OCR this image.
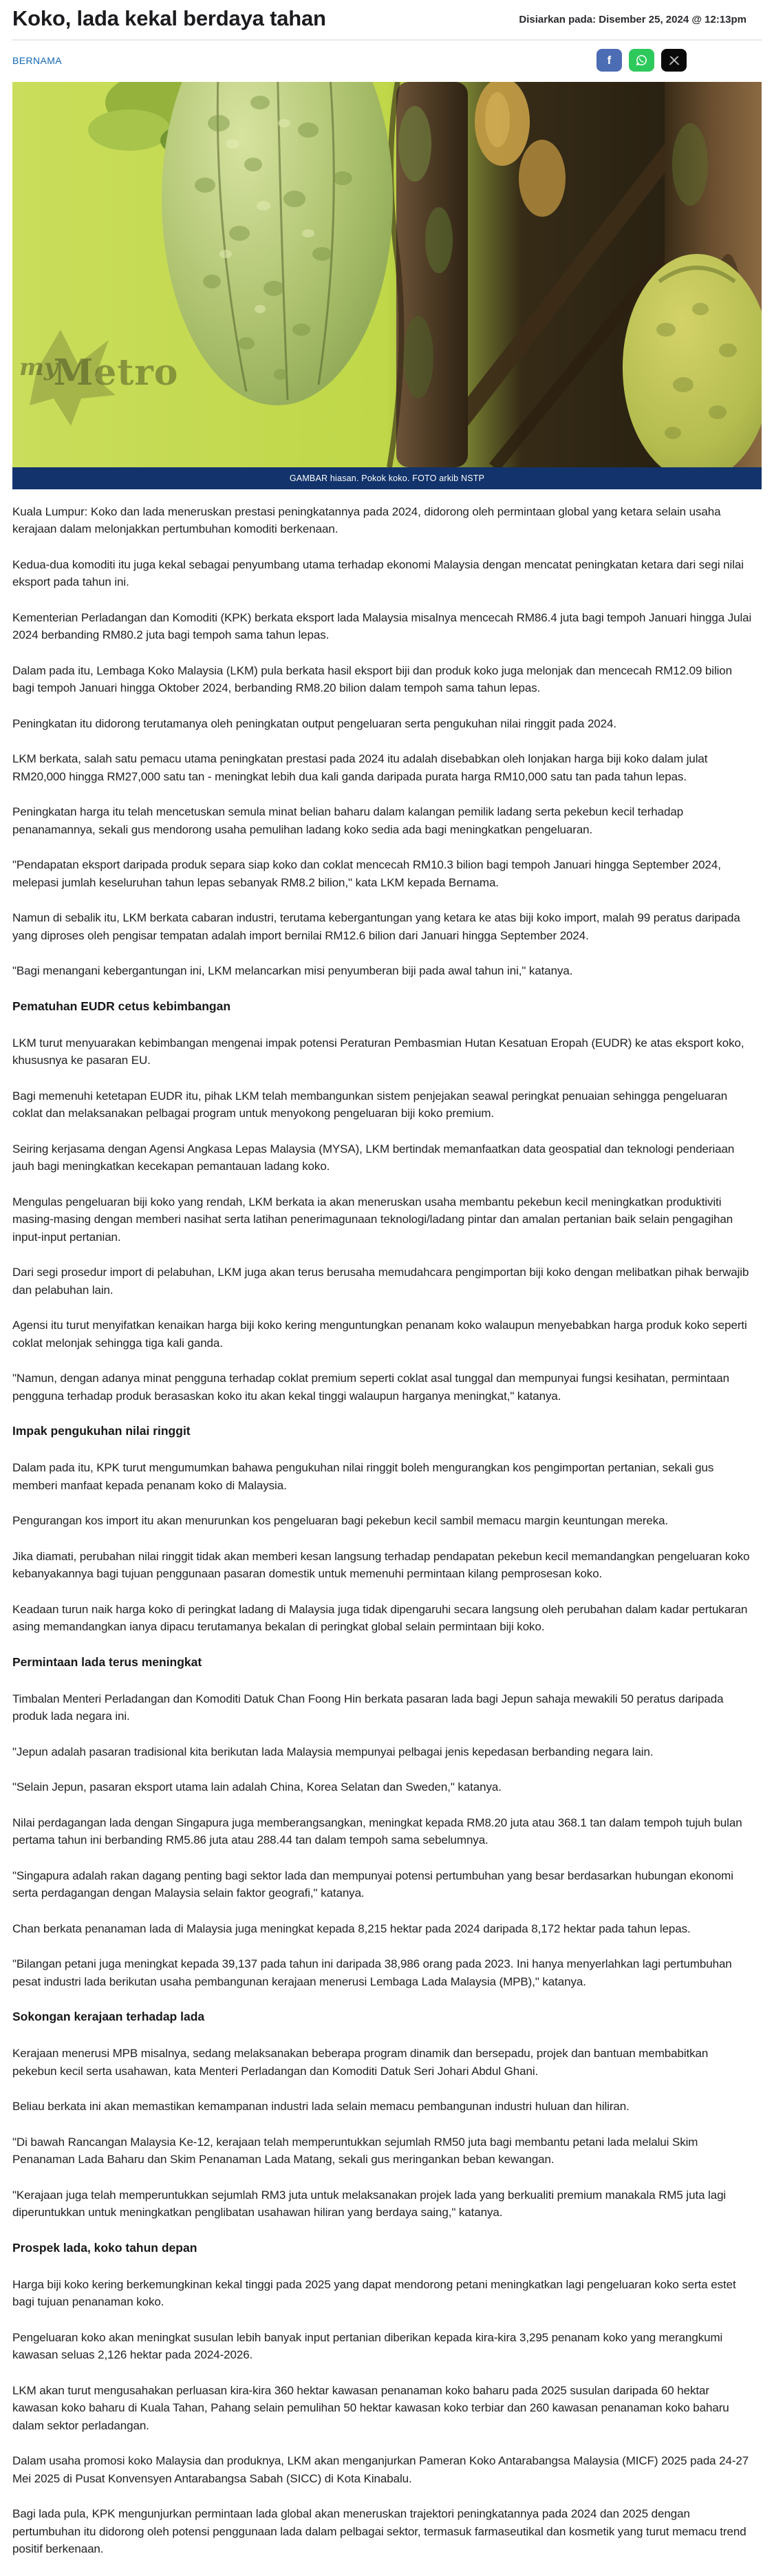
Koko, lada kekal berdaya tahan	Disiarkan pada: Disember 25, 2024 @ 12:13pm
BERNAMA	f
myMetro
GAMBAR hiasan. Pokok koko. FOTO arkib NSTP

Kuala Lumpur: Koko dan lada meneruskan prestasi peningkatannya pada 2024, didorong oleh permintaan global yang ketara selain usaha kerajaan dalam melonjakkan pertumbuhan komoditi berkenaan.

Kedua-dua komoditi itu juga kekal sebagai penyumbang utama terhadap ekonomi Malaysia dengan mencatat peningkatan ketara dari segi nilai eksport pada tahun ini.

Kementerian Perladangan dan Komoditi (KPK) berkata eksport lada Malaysia misalnya mencecah RM86.4 juta bagi tempoh Januari hingga Julai 2024 berbanding RM80.2 juta bagi tempoh sama tahun lepas.

Dalam pada itu, Lembaga Koko Malaysia (LKM) pula berkata hasil eksport biji dan produk koko juga melonjak dan mencecah RM12.09 bilion bagi tempoh Januari hingga Oktober 2024, berbanding RM8.20 bilion dalam tempoh sama tahun lepas.

Peningkatan itu didorong terutamanya oleh peningkatan output pengeluaran serta pengukuhan nilai ringgit pada 2024.

LKM berkata, salah satu pemacu utama peningkatan prestasi pada 2024 itu adalah disebabkan oleh lonjakan harga biji koko dalam julat RM20,000 hingga RM27,000 satu tan - meningkat lebih dua kali ganda daripada purata harga RM10,000 satu tan pada tahun lepas.

Peningkatan harga itu telah mencetuskan semula minat belian baharu dalam kalangan pemilik ladang serta pekebun kecil terhadap penanamannya, sekali gus mendorong usaha pemulihan ladang koko sedia ada bagi meningkatkan pengeluaran.

"Pendapatan eksport daripada produk separa siap koko dan coklat mencecah RM10.3 bilion bagi tempoh Januari hingga September 2024, melepasi jumlah keseluruhan tahun lepas sebanyak RM8.2 bilion," kata LKM kepada Bernama.

Namun di sebalik itu, LKM berkata cabaran industri, terutama kebergantungan yang ketara ke atas biji koko import, malah 99 peratus daripada yang diproses oleh pengisar tempatan adalah import bernilai RM12.6 bilion dari Januari hingga September 2024.

"Bagi menangani kebergantungan ini, LKM melancarkan misi penyumberan biji pada awal tahun ini," katanya.

Pematuhan EUDR cetus kebimbangan

LKM turut menyuarakan kebimbangan mengenai impak potensi Peraturan Pembasmian Hutan Kesatuan Eropah (EUDR) ke atas eksport koko, khususnya ke pasaran EU.

Bagi memenuhi ketetapan EUDR itu, pihak LKM telah membangunkan sistem penjejakan seawal peringkat penuaian sehingga pengeluaran coklat dan melaksanakan pelbagai program untuk menyokong pengeluaran biji koko premium.

Seiring kerjasama dengan Agensi Angkasa Lepas Malaysia (MYSA), LKM bertindak memanfaatkan data geospatial dan teknologi penderiaan jauh bagi meningkatkan kecekapan pemantauan ladang koko.

Mengulas pengeluaran biji koko yang rendah, LKM berkata ia akan meneruskan usaha membantu pekebun kecil meningkatkan produktiviti masing-masing dengan memberi nasihat serta latihan penerimagunaan teknologi/ladang pintar dan amalan pertanian baik selain pengagihan input-input pertanian.

Dari segi prosedur import di pelabuhan, LKM juga akan terus berusaha memudahcara pengimportan biji koko dengan melibatkan pihak berwajib dan pelabuhan lain.

Agensi itu turut menyifatkan kenaikan harga biji koko kering menguntungkan penanam koko walaupun menyebabkan harga produk koko seperti coklat melonjak sehingga tiga kali ganda.

"Namun, dengan adanya minat pengguna terhadap coklat premium seperti coklat asal tunggal dan mempunyai fungsi kesihatan, permintaan pengguna terhadap produk berasaskan koko itu akan kekal tinggi walaupun harganya meningkat," katanya.

Impak pengukuhan nilai ringgit

Dalam pada itu, KPK turut mengumumkan bahawa pengukuhan nilai ringgit boleh mengurangkan kos pengimportan pertanian, sekali gus memberi manfaat kepada penanam koko di Malaysia.

Pengurangan kos import itu akan menurunkan kos pengeluaran bagi pekebun kecil sambil memacu margin keuntungan mereka.

Jika diamati, perubahan nilai ringgit tidak akan memberi kesan langsung terhadap pendapatan pekebun kecil memandangkan pengeluaran koko kebanyakannya bagi tujuan penggunaan pasaran domestik untuk memenuhi permintaan kilang pemprosesan koko.

Keadaan turun naik harga koko di peringkat ladang di Malaysia juga tidak dipengaruhi secara langsung oleh perubahan dalam kadar pertukaran asing memandangkan ianya dipacu terutamanya bekalan di peringkat global selain permintaan biji koko.

Permintaan lada terus meningkat

Timbalan Menteri Perladangan dan Komoditi Datuk Chan Foong Hin berkata pasaran lada bagi Jepun sahaja mewakili 50 peratus daripada produk lada negara ini.

"Jepun adalah pasaran tradisional kita berikutan lada Malaysia mempunyai pelbagai jenis kepedasan berbanding negara lain.

"Selain Jepun, pasaran eksport utama lain adalah China, Korea Selatan dan Sweden," katanya.

Nilai perdagangan lada dengan Singapura juga memberangsangkan, meningkat kepada RM8.20 juta atau 368.1 tan dalam tempoh tujuh bulan pertama tahun ini berbanding RM5.86 juta atau 288.44 tan dalam tempoh sama sebelumnya.

"Singapura adalah rakan dagang penting bagi sektor lada dan mempunyai potensi pertumbuhan yang besar berdasarkan hubungan ekonomi serta perdagangan dengan Malaysia selain faktor geografi," katanya.

Chan berkata penanaman lada di Malaysia juga meningkat kepada 8,215 hektar pada 2024 daripada 8,172 hektar pada tahun lepas.

"Bilangan petani juga meningkat kepada 39,137 pada tahun ini daripada 38,986 orang pada 2023. Ini hanya menyerlahkan lagi pertumbuhan pesat industri lada berikutan usaha pembangunan kerajaan menerusi Lembaga Lada Malaysia (MPB)," katanya.

Sokongan kerajaan terhadap lada

Kerajaan menerusi MPB misalnya, sedang melaksanakan beberapa program dinamik dan bersepadu, projek dan bantuan membabitkan pekebun kecil serta usahawan, kata Menteri Perladangan dan Komoditi Datuk Seri Johari Abdul Ghani.

Beliau berkata ini akan memastikan kemampanan industri lada selain memacu pembangunan industri huluan dan hiliran.

"Di bawah Rancangan Malaysia Ke-12, kerajaan telah memperuntukkan sejumlah RM50 juta bagi membantu petani lada melalui Skim Penanaman Lada Baharu dan Skim Penanaman Lada Matang, sekali gus meringankan beban kewangan.

"Kerajaan juga telah memperuntukkan sejumlah RM3 juta untuk melaksanakan projek lada yang berkualiti premium manakala RM5 juta lagi diperuntukkan untuk meningkatkan penglibatan usahawan hiliran yang berdaya saing," katanya.

Prospek lada, koko tahun depan

Harga biji koko kering berkemungkinan kekal tinggi pada 2025 yang dapat mendorong petani meningkatkan lagi pengeluaran koko serta estet bagi tujuan penanaman koko.

Pengeluaran koko akan meningkat susulan lebih banyak input pertanian diberikan kepada kira-kira 3,295 penanam koko yang merangkumi kawasan seluas 2,126 hektar pada 2024-2026.

LKM akan turut mengusahakan perluasan kira-kira 360 hektar kawasan penanaman koko baharu pada 2025 susulan daripada 60 hektar kawasan koko baharu di Kuala Tahan, Pahang selain pemulihan 50 hektar kawasan koko terbiar dan 260 kawasan penanaman koko baharu dalam sektor perladangan.

Dalam usaha promosi koko Malaysia dan produknya, LKM akan menganjurkan Pameran Koko Antarabangsa Malaysia (MICF) 2025 pada 24-27 Mei 2025 di Pusat Konvensyen Antarabangsa Sabah (SICC) di Kota Kinabalu.

Bagi lada pula, KPK mengunjurkan permintaan lada global akan meneruskan trajektori peningkatannya pada 2024 dan 2025 dengan pertumbuhan itu didorong oleh potensi penggunaan lada dalam pelbagai sektor, termasuk farmaseutikal dan kosmetik yang turut memacu trend positif berkenaan.
